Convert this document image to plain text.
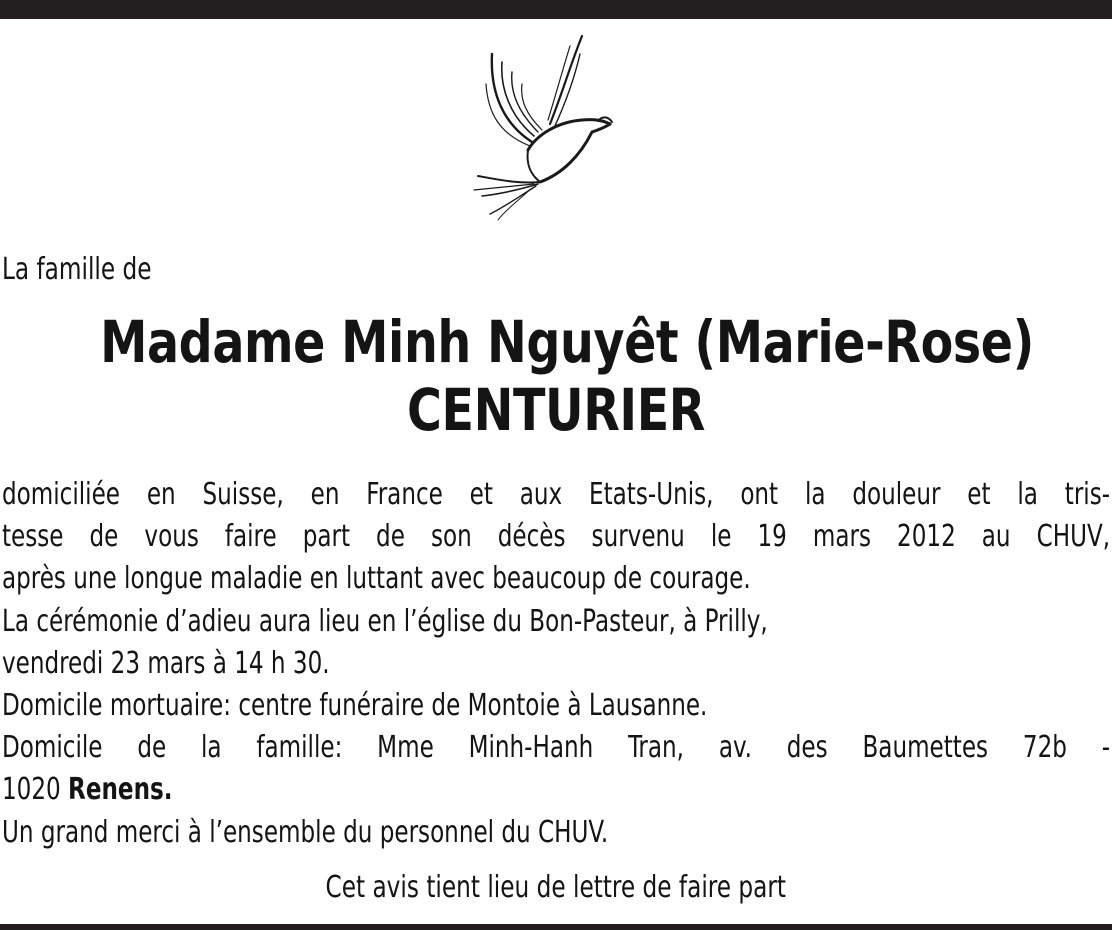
La famille de
Madame Minh Nguyêt (Marie-Rose)
CENTURIER
domiciliée en Suisse, en France et aux Etats-Unis, ont la douleur et la tris-
tesse de vous faire part de son décès survenu le 19 mars 2012 au CHUV,
après une longue maladie en luttant avec beaucoup de courage.
La cérémonie d’adieu aura lieu en l’église du Bon-Pasteur, à Prilly,
vendredi 23 mars à 14 h 30.
Domicile mortuaire: centre funéraire de Montoie à Lausanne.
Domicile de la famille: Mme Minh-Hanh Tran, av. des Baumettes 72b -
1020 Renens.
Un grand merci à l’ensemble du personnel du CHUV.
Cet avis tient lieu de lettre de faire part
